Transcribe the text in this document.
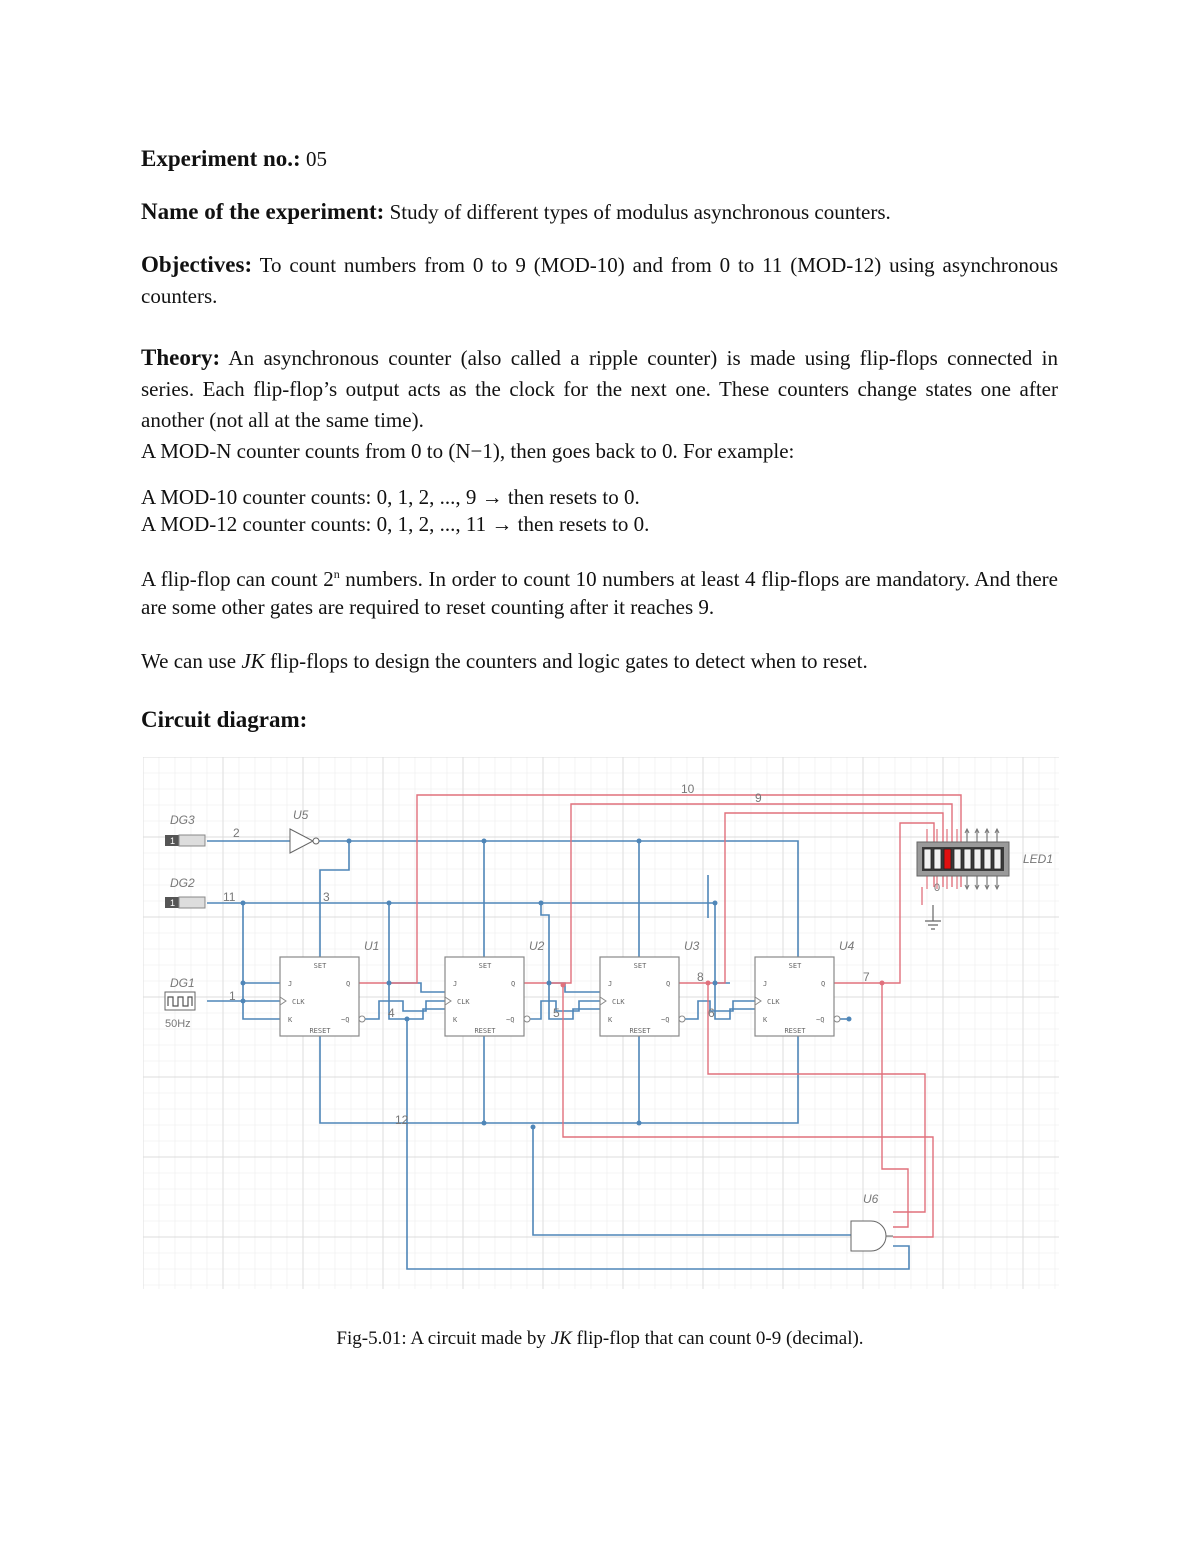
Experiment no.: 05

Name of the experiment: Study of different types of modulus asynchronous counters.

Objectives: To count numbers from 0 to 9 (MOD-10) and from 0 to 11 (MOD-12) using asynchronous counters.

Theory: An asynchronous counter (also called a ripple counter) is made using flip-flops connected in series. Each flip-flop’s output acts as the clock for the next one. These counters change states one after another (not all at the same time).

A MOD-N counter counts from 0 to (N−1), then goes back to 0. For example:

A MOD-10 counter counts: 0, 1, 2, ..., 9 → then resets to 0.

A MOD-12 counter counts: 0, 1, 2, ..., 11 → then resets to 0.

A flip-flop can count 2$^n$ numbers. In order to count 10 numbers at least 4 flip-flops are mandatory. And there are some other gates are required to reset counting after it reaches 9.

We can use JK flip-flops to design the counters and logic gates to detect when to reset.

Circuit diagram:

1
DG3
1
DG2
DG1
50Hz
U5
SET
RESET
J
CLK
K
Q
~Q
U1
SET
RESET
J
CLK
K
Q
~Q
U2
SET
RESET
J
CLK
K
Q
~Q
U3
SET
RESET
J
CLK
K
Q
~Q
U4
U6
LED1
0
10
9
2
3
11
1
4	5	6
7
8
12

Fig-5.01: A circuit made by JK flip-flop that can count 0-9 (decimal).
